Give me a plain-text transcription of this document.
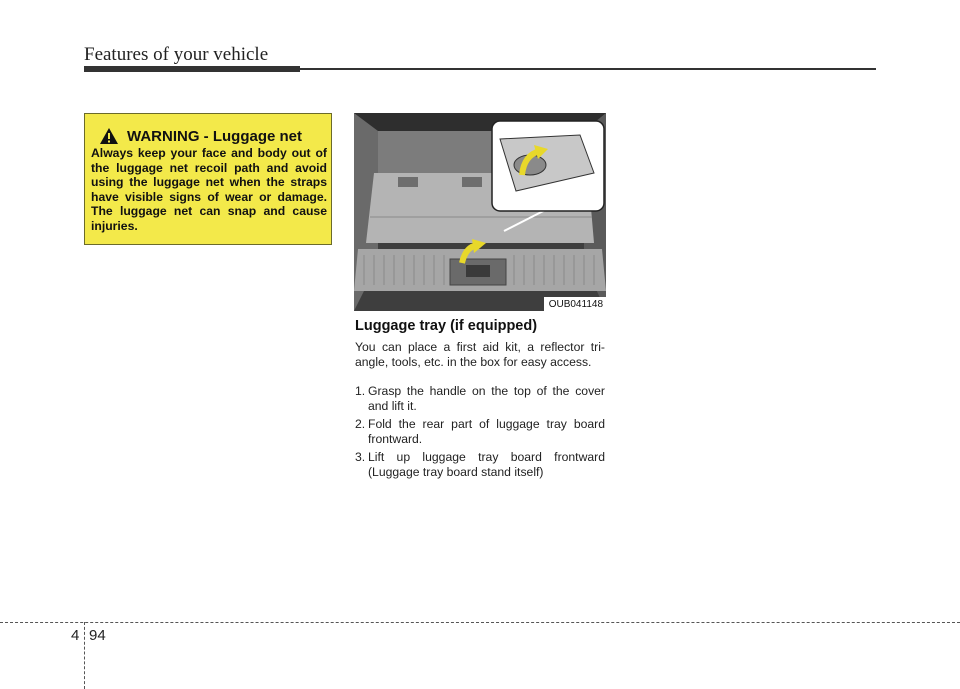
Features of your vehicle
WARNING - Luggage net
Always keep your face and body out of the luggage net recoil path and avoid using the luggage net when the straps have visible signs of wear or damage. The luggage net can snap and cause injuries.
OUB041148
Luggage tray (if equipped)
You can place a first aid kit, a reflector tri-angle, tools, etc. in the box for easy access.
1. Grasp the handle on the top of the cover and lift it.
2. Fold the rear part of luggage tray board frontward.
3. Lift up luggage tray board frontward (Luggage tray board stand itself)
4 94
